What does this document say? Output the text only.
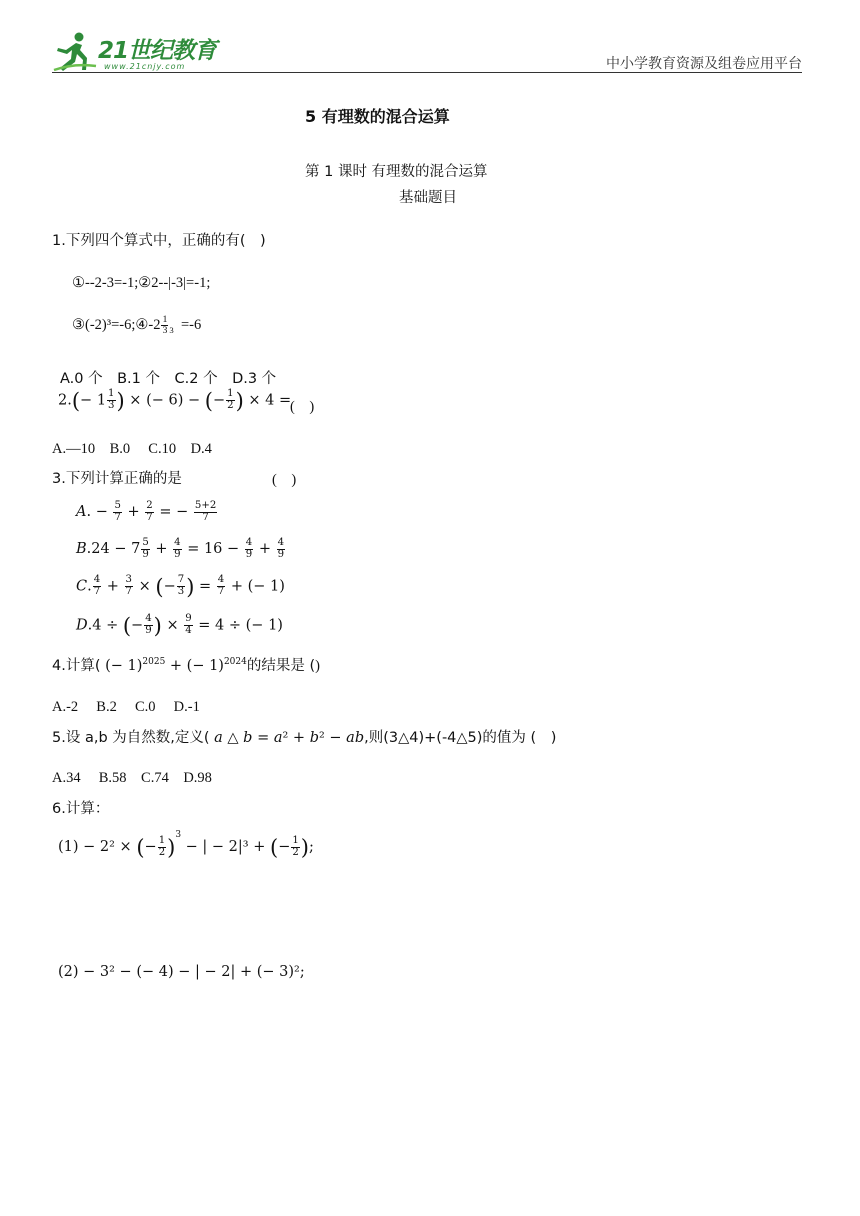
21世纪教育
www.21cnjy.com	中小学教育资源及组卷应用平台
5 有理数的混合运算
第 1 课时 有理数的混合运算
基础题目
1.下列四个算式中，正确的有(　)
①--2-3=-1;②2--|-3|=-1;
③(-2)³=-6;④-2 $\frac{1}{3} _3 =-6$
A.0 个　B.1 个　C.2 个　D.3 个
$2.(- 1 \frac{1}{3}$ ) × (− 6) − (− $\frac{1}{2}$ ) × 4 =
(　)
A.—10　B.0　 C.10　D.4
3.下列计算正确的是	(　)
A. − $\frac{5}{7} + \frac{2}{7}$ = − $\frac{5+2}{7}$
$B.24 - 7 \frac{5}{9} + \frac{4}{9} = 16 - \frac{4}{9} + \frac{4}{9}$
C. $\frac{4}{7} + \frac{3}{7}$ × (− $\frac{7}{3}$ ) = $\frac{4}{7}$ + (− 1)
D.4 ÷ (− $\frac{4}{9}$ ) × $\frac{9}{4} = 4$ ÷ (− 1)
4.计算( (− 1)$^{2025}$ + (− 1)$^{2024}$的结果是 ()
A.-2　 B.2　 C.0　 D.-1
5.设 a,b 为自然数,定义( a △ b = a² + b² − ab,则(3△4)+(-4△5)的值为 (　)
A.34　 B.58　C.74　D.98
6.计算：
(1) − 2² × (− $\frac{1}{2} )^3$ − | − 2|³ + (− $\frac{1}{2}$ );
(2) − 3² − (− 4) − | − 2| + (− 3)²;
